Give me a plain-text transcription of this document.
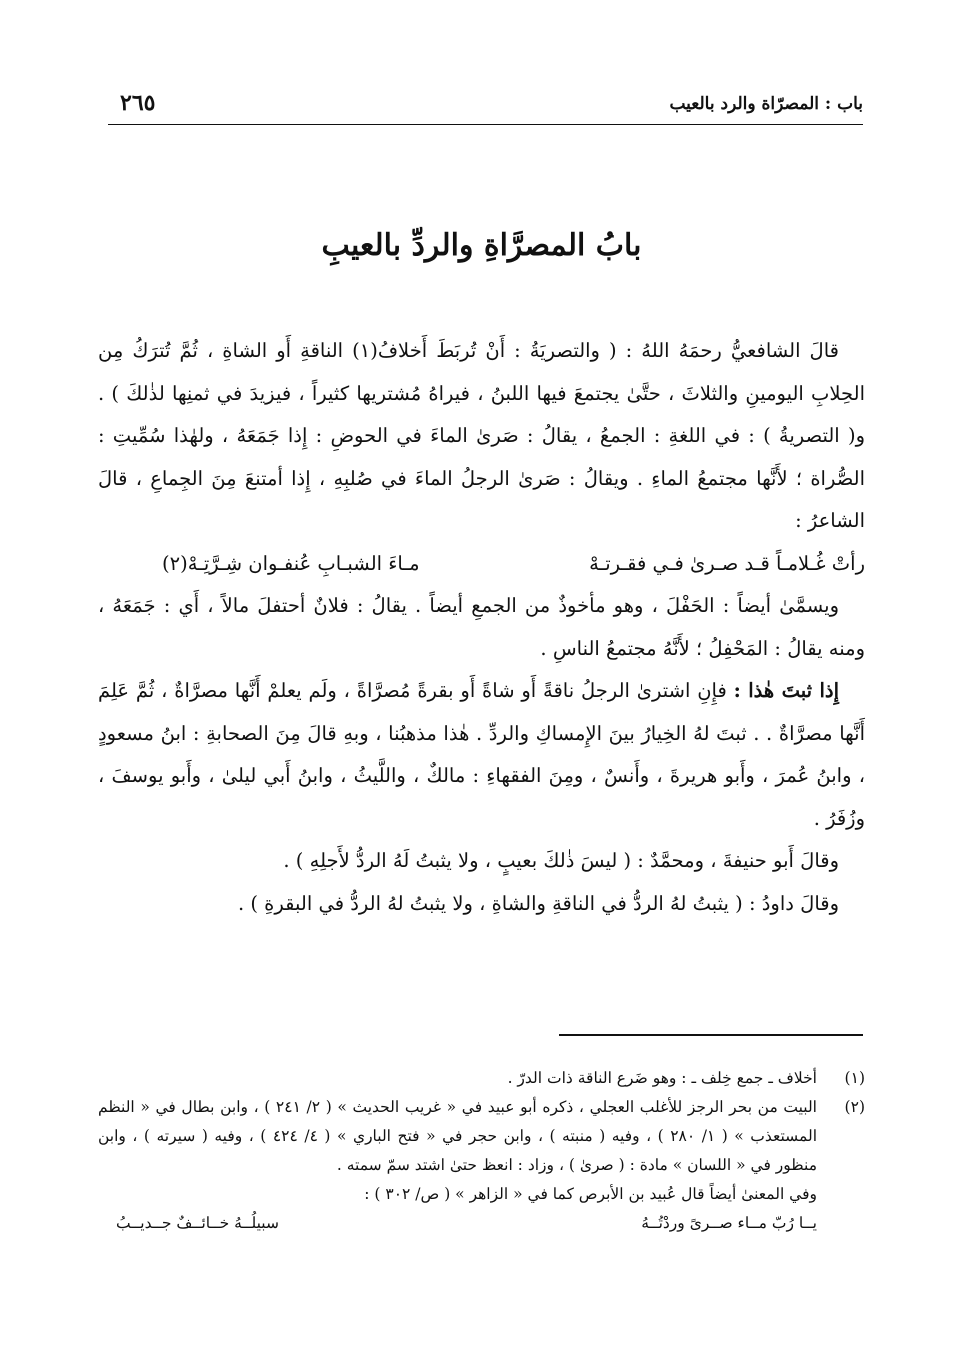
باب : المصرّاة والرد بالعيب
٢٦٥
بابُ المصرَّاةِ والردِّ بالعيبِ

قالَ الشافعيُّ رحمَهُ اللهُ : ( والتصريَةُ : أَنْ تُربَطَ أَخلافُ(١) الناقةِ أَو الشاةِ ، ثُمَّ تُترَكُ مِن الحِلابِ اليومينِ والثلاثَ ، حتَّىٰ يجتمعَ فيها اللبنُ ، فيراهُ مُشتريها كثيراً ، فيزيدَ في ثمنِها لذٰلكَ ) . و( التصريةُ ) : في اللغةِ : الجمعُ ، يقالُ : صَرىٰ الماءَ في الحوضِ : إِذا جَمَعَهُ ، ولهٰذا سُمِّيتِ : الصُّراة ؛ لأَنَّها مجتمعُ الماءِ . ويقالُ : صَرىٰ الرجلُ الماءَ في صُلبِهِ ، إِذا أمتنعَ مِنَ الجِماعِ ، قالَ الشاعرُ :

رأتْ غُـلامـاً قـد صـرىٰ فـي فقـرتـهْ
مـاءَ الشبـابِ عُنفـوان شِـرَّتِـهْ(٢)

ويسمَّىٰ أيضاً : الحَفْلَ ، وهو مأخوذٌ من الجمعِ أيضاً . يقالُ : فلانٌ أحتفلَ مالاً ، أَي : جَمَعَهُ ، ومنه يقالُ : المَحْفِلُ ؛ لأَنَّهُ مجتمعُ الناسِ .

إِذا ثبتَ هٰذا : فإِنِ اشترىٰ الرجلُ ناقةً أَو شاةً أَو بقرةً مُصرَّاةً ، ولَم يعلمْ أَنَّها مصرَّاةٌ ، ثُمَّ عَلِمَ أَنَّها مصرَّاةٌ . . ثبتَ لهُ الخِيارُ بينَ الإِمساكِ والردِّ . هٰذا مذهبُنا ، وبهِ قالَ مِنَ الصحابةِ : ابنُ مسعودٍ ، وابنُ عُمرَ ، وأَبو هريرةَ ، وأَنسٌ ، ومِنَ الفقهاءِ : مالكٌ ، واللَّيثُ ، وابنُ أَبي ليلىٰ ، وأَبو يوسفَ ، وزُفَرُ .

وقالَ أَبو حنيفةَ ، ومحمَّدٌ : ( ليسَ ذٰلكَ بعيبٍ ، ولا يثبتُ لَهُ الردُّ لأَجلِهِ ) .

وقالَ داودُ : ( يثبتُ لهُ الردُّ في الناقةِ والشاةِ ، ولا يثبتُ لهُ الردُّ في البقرةِ ) .

(١)
أخلاف ـ جمع خِلف ـ : وهو ضَرع الناقة ذات الدرّ .
(٢)
البيت من بحر الرجز للأغلب العجلي ، ذكره أبو عبيد في « غريب الحديث » ( ٢/ ٢٤١ ) ، وابن بطال في « النظم المستعذب » ( ١/ ٢٨٠ ) ، وفيه ( منبته ) ، وابن حجر في « فتح الباري » ( ٤/ ٤٢٤ ) ، وفيه ( سيرته ) ، وابن منظور في « اللسان » مادة : ( صرىٰ ) ، وزاد : انعظ حتىٰ اشتد سمّ سمته .

وفي المعنىٰ أيضاً قال عُبيد بن الأبرص كما في « الزاهر » ( ص/ ٣٠٢ ) :

يــا رُبّ مــاء صــرىً وردْتُــهُ
سبيلُــهُ خــائــفٌ جــديــبُ
